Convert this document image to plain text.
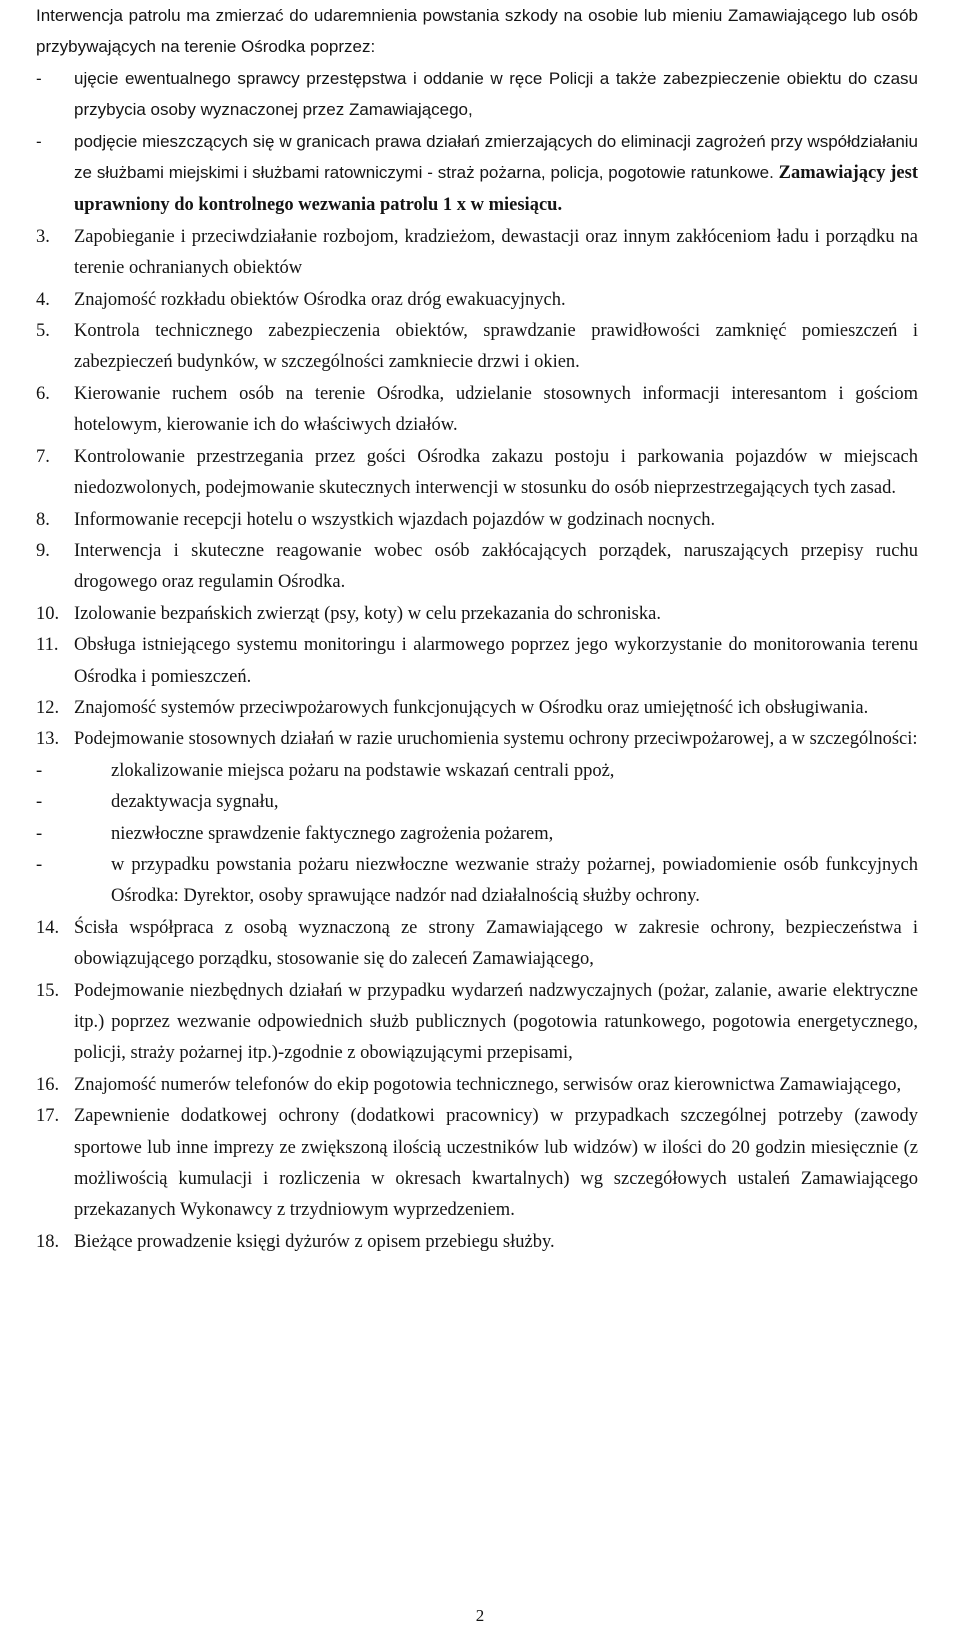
Interwencja patrolu ma zmierzać do udaremnienia powstania szkody na osobie lub mieniu Zamawiającego lub osób przybywających na terenie Ośrodka poprzez:

- ujęcie ewentualnego sprawcy przestępstwa i oddanie w ręce Policji a także zabezpieczenie obiektu do czasu przybycia osoby wyznaczonej przez Zamawiającego,
- podjęcie mieszczących się w granicach prawa działań zmierzających do eliminacji zagrożeń przy współdziałaniu ze służbami miejskimi i służbami ratowniczymi - straż pożarna, policja, pogotowie ratunkowe. Zamawiający jest uprawniony do kontrolnego wezwania patrolu 1 x w miesiącu.
3. Zapobieganie i przeciwdziałanie rozbojom, kradzieżom, dewastacji oraz innym zakłóceniom ładu i porządku na terenie ochranianych obiektów
4. Znajomość rozkładu obiektów Ośrodka oraz dróg ewakuacyjnych.
5. Kontrola technicznego zabezpieczenia obiektów, sprawdzanie prawidłowości zamknięć pomieszczeń i zabezpieczeń budynków, w szczególności zamkniecie drzwi i okien.
6. Kierowanie ruchem osób na terenie Ośrodka, udzielanie stosownych informacji interesantom i gościom hotelowym, kierowanie ich do właściwych działów.
7. Kontrolowanie przestrzegania przez gości Ośrodka zakazu postoju i parkowania pojazdów w miejscach niedozwolonych, podejmowanie skutecznych interwencji w stosunku do osób nieprzestrzegających tych zasad.
8. Informowanie recepcji hotelu o wszystkich wjazdach pojazdów w godzinach nocnych.
9. Interwencja i skuteczne reagowanie wobec osób zakłócających porządek, naruszających przepisy ruchu drogowego oraz regulamin Ośrodka.
10. Izolowanie bezpańskich zwierząt (psy, koty) w celu przekazania do schroniska.
11. Obsługa istniejącego systemu monitoringu i alarmowego poprzez jego wykorzystanie do monitorowania terenu Ośrodka i pomieszczeń.
12. Znajomość systemów przeciwpożarowych funkcjonujących w Ośrodku oraz umiejętność ich obsługiwania.
13. Podejmowanie stosownych działań w razie uruchomienia systemu ochrony przeciwpożarowej, a w szczególności:
-	zlokalizowanie miejsca pożaru na podstawie wskazań centrali ppoż,
-	dezaktywacja sygnału,
-	niezwłoczne sprawdzenie faktycznego zagrożenia pożarem,
-	w przypadku powstania pożaru niezwłoczne wezwanie straży pożarnej, powiadomienie osób funkcyjnych Ośrodka: Dyrektor, osoby sprawujące nadzór nad działalnością służby ochrony.
14. Ścisła współpraca z osobą wyznaczoną ze strony Zamawiającego w zakresie ochrony, bezpieczeństwa i obowiązującego porządku, stosowanie się do zaleceń Zamawiającego,
15. Podejmowanie niezbędnych działań w przypadku wydarzeń nadzwyczajnych (pożar, zalanie, awarie elektryczne itp.) poprzez wezwanie odpowiednich służb publicznych (pogotowia ratunkowego, pogotowia energetycznego, policji, straży pożarnej itp.)-zgodnie z obowiązującymi przepisami,
16. Znajomość numerów telefonów do ekip pogotowia technicznego, serwisów oraz kierownictwa Zamawiającego,
17. Zapewnienie dodatkowej ochrony (dodatkowi pracownicy) w przypadkach szczególnej potrzeby (zawody sportowe lub inne imprezy ze zwiększoną ilością uczestników lub widzów) w ilości do 20 godzin miesięcznie (z możliwością kumulacji i rozliczenia w okresach kwartalnych) wg szczegółowych ustaleń Zamawiającego przekazanych Wykonawcy z trzydniowym wyprzedzeniem.
18. Bieżące prowadzenie księgi dyżurów z opisem przebiegu służby.
2
